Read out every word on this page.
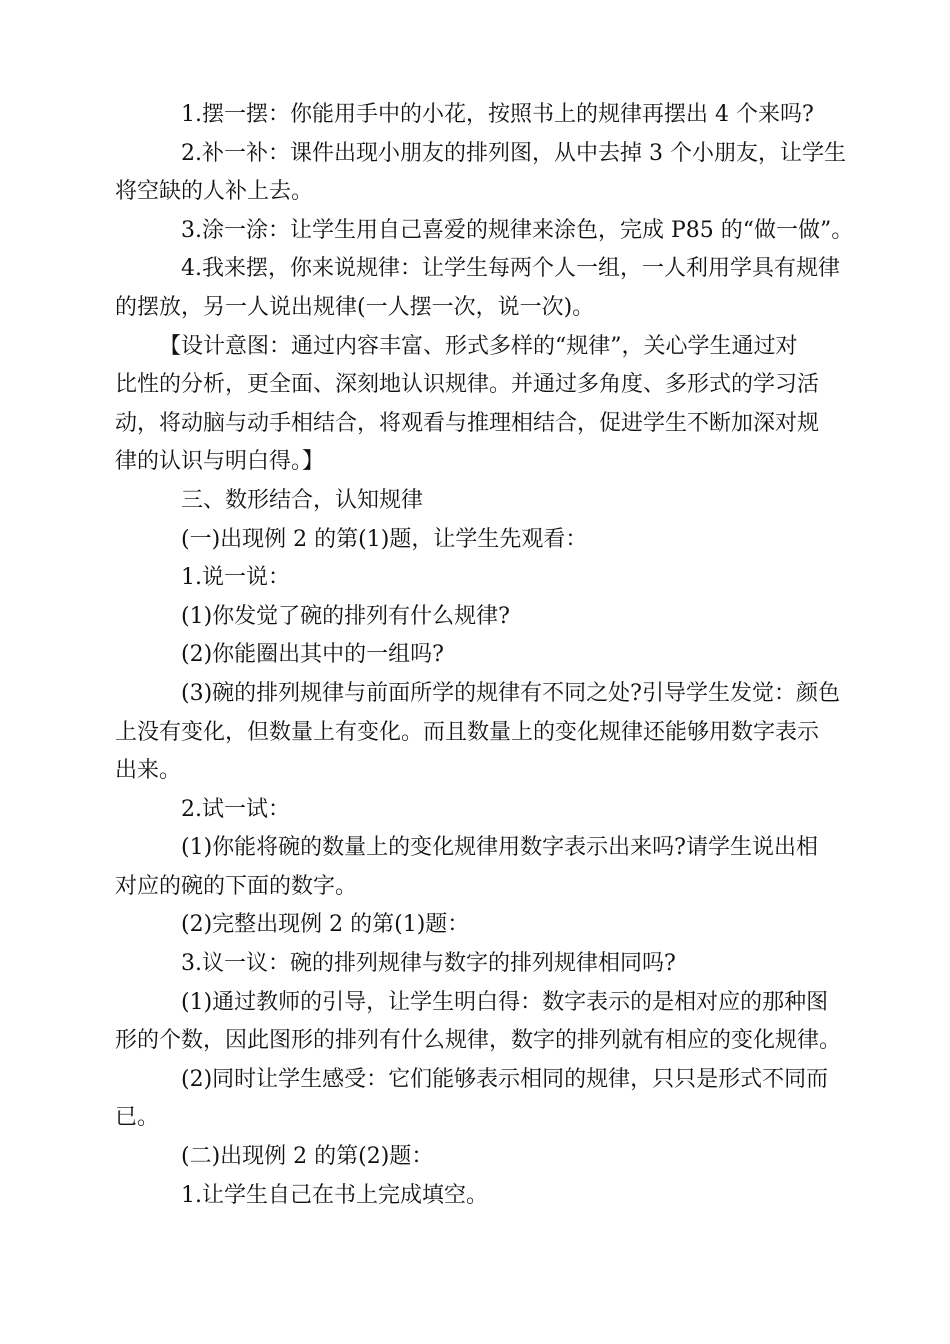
1.摆一摆：你能用手中的小花，按照书上的规律再摆出 4 个来吗?

2.补一补：课件出现小朋友的排列图，从中去掉 3 个小朋友，让学生

将空缺的人补上去。

3.涂一涂：让学生用自己喜爱的规律来涂色，完成 P85 的“做一做”。

4.我来摆，你来说规律：让学生每两个人一组，一人利用学具有规律

的摆放，另一人说出规律(一人摆一次，说一次)。

【设计意图：通过内容丰富、形式多样的“规律”，关心学生通过对

比性的分析，更全面、深刻地认识规律。并通过多角度、多形式的学习活

动，将动脑与动手相结合，将观看与推理相结合，促进学生不断加深对规

律的认识与明白得。】

三、数形结合，认知规律

(一)出现例 2 的第(1)题，让学生先观看：

1.说一说：

(1)你发觉了碗的排列有什么规律?

(2)你能圈出其中的一组吗?

(3)碗的排列规律与前面所学的规律有不同之处?引导学生发觉：颜色

上没有变化，但数量上有变化。而且数量上的变化规律还能够用数字表示

出来。

2.试一试：

(1)你能将碗的数量上的变化规律用数字表示出来吗?请学生说出相

对应的碗的下面的数字。

(2)完整出现例 2 的第(1)题：

3.议一议：碗的排列规律与数字的排列规律相同吗?

(1)通过教师的引导，让学生明白得：数字表示的是相对应的那种图

形的个数，因此图形的排列有什么规律，数字的排列就有相应的变化规律。

(2)同时让学生感受：它们能够表示相同的规律，只只是形式不同而

已。

(二)出现例 2 的第(2)题：

1.让学生自己在书上完成填空。
